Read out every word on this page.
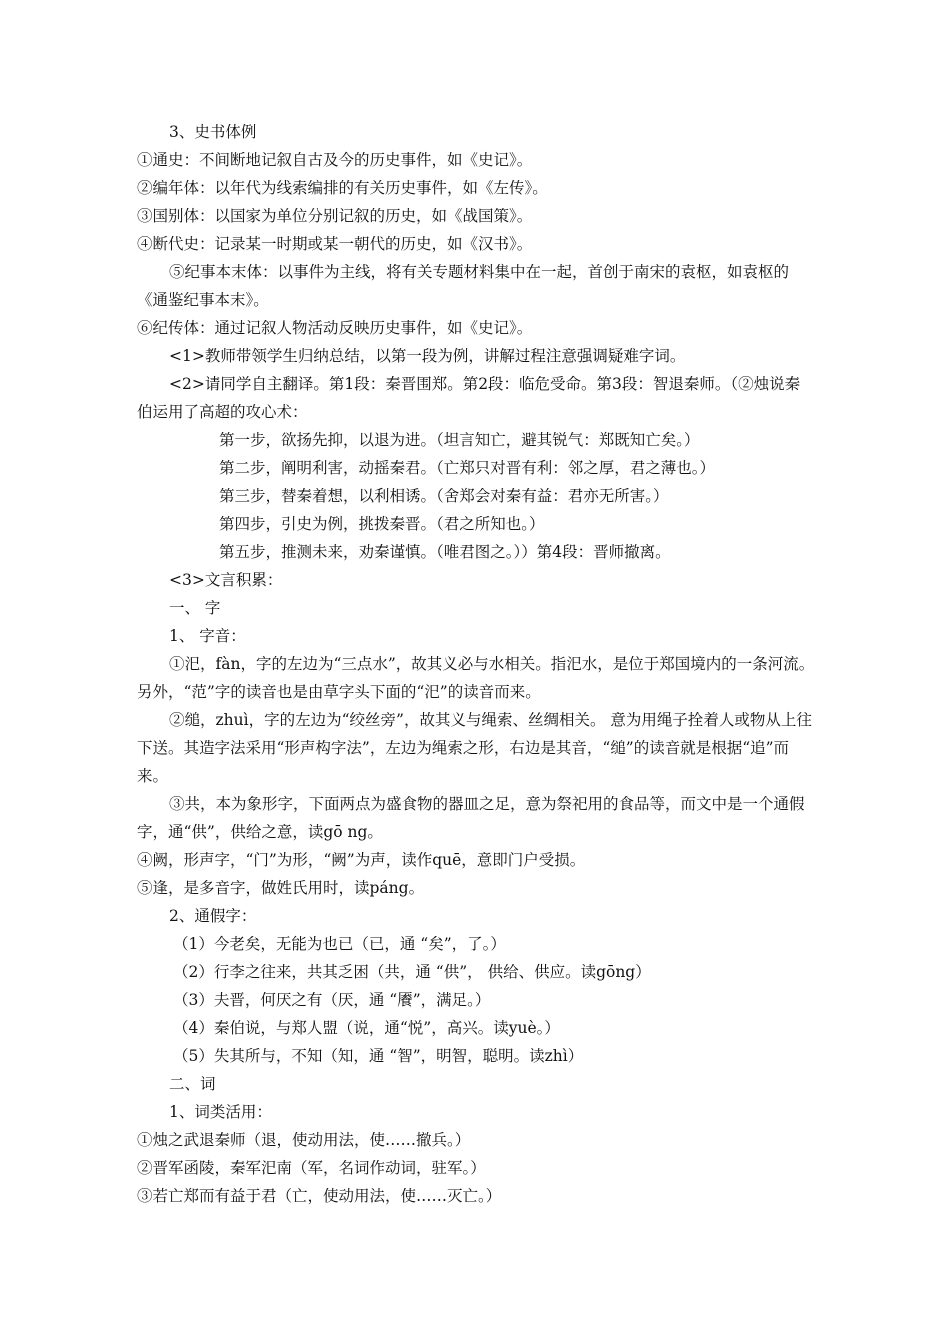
3、史书体例
①通史：不间断地记叙自古及今的历史事件，如《史记》。
②编年体：以年代为线索编排的有关历史事件，如《左传》。
③国别体：以国家为单位分别记叙的历史，如《战国策》。
④断代史：记录某一时期或某一朝代的历史，如《汉书》。
⑤纪事本末体：以事件为主线，将有关专题材料集中在一起，首创于南宋的袁枢，如袁枢的《通鉴纪事本末》。
⑥纪传体：通过记叙人物活动反映历史事件，如《史记》。
<1>教师带领学生归纳总结，以第一段为例，讲解过程注意强调疑难字词。
<2>请同学自主翻译。第1段：秦晋围郑。第2段：临危受命。第3段：智退秦师。（②烛说秦伯运用了高超的攻心术：
第一步，欲扬先抑，以退为进。（坦言知亡，避其锐气：郑既知亡矣。）
第二步，阐明利害，动摇秦君。（亡郑只对晋有利：邻之厚，君之薄也。）
第三步，替秦着想，以利相诱。（舍郑会对秦有益：君亦无所害。）
第四步，引史为例，挑拨秦晋。（君之所知也。）
第五步，推测未来，劝秦谨慎。（唯君图之。））第4段：晋师撤离。
<3>文言积累：
一、 字
1、 字音：
①汜，fàn，字的左边为“三点水”，故其义必与水相关。指汜水，是位于郑国境内的一条河流。另外，“范”字的读音也是由草字头下面的“汜”的读音而来。
②缒，zhuì，字的左边为“绞丝旁”，故其义与绳索、丝绸相关。 意为用绳子拴着人或物从上往下送。其造字法采用“形声构字法”，左边为绳索之形，右边是其音，“缒”的读音就是根据“追”而来。
③共，本为象形字，下面两点为盛食物的器皿之足，意为祭祀用的食品等，而文中是一个通假字，通“供”，供给之意，读gō ng。
④阙，形声字，“门”为形，“阙”为声，读作quē，意即门户受损。
⑤逢，是多音字，做姓氏用时，读páng。
2、通假字：
（1）今老矣，无能为也已（已，通 “矣”，了。）
（2）行李之往来，共其乏困（共，通 “供”， 供给、供应。读gōng）
（3）夫晋，何厌之有（厌，通 “餍”，满足。）
（4）秦伯说，与郑人盟（说，通“悦”，高兴。读yuè。）
（5）失其所与，不知（知，通 “智”，明智，聪明。读zhì）
二、词
1、词类活用：
①烛之武退秦师（退，使动用法，使……撤兵。）
②晋军函陵，秦军汜南（军，名词作动词，驻军。）
③若亡郑而有益于君（亡，使动用法，使……灭亡。）
